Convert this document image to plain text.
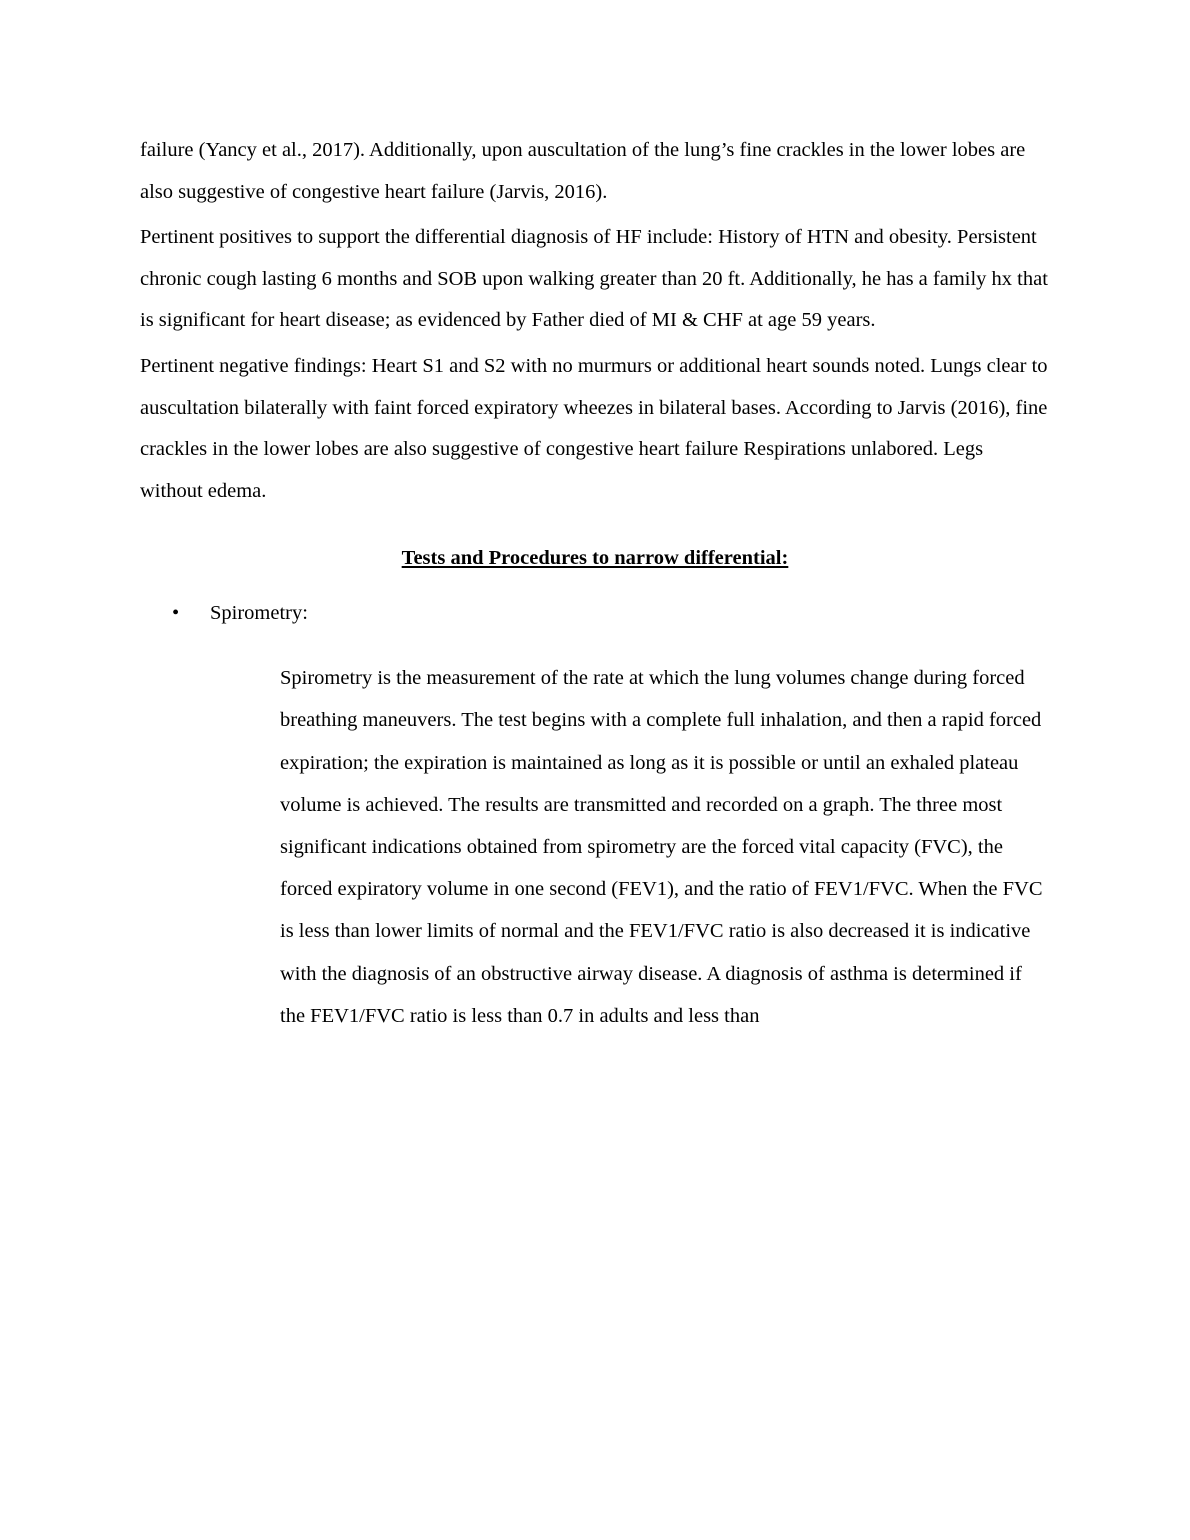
failure (Yancy et al., 2017). Additionally, upon auscultation of the lung’s fine crackles in the lower lobes are also suggestive of congestive heart failure (Jarvis, 2016).

Pertinent positives to support the differential diagnosis of HF include: History of HTN and obesity. Persistent chronic cough lasting 6 months and SOB upon walking greater than 20 ft. Additionally, he has a family hx that is significant for heart disease; as evidenced by Father died of MI & CHF at age 59 years.

Pertinent negative findings: Heart S1 and S2 with no murmurs or additional heart sounds noted. Lungs clear to auscultation bilaterally with faint forced expiratory wheezes in bilateral bases. According to Jarvis (2016), fine crackles in the lower lobes are also suggestive of congestive heart failure Respirations unlabored. Legs without edema.

Tests and Procedures to narrow differential:
•	Spirometry:

Spirometry is the measurement of the rate at which the lung volumes change during forced breathing maneuvers. The test begins with a complete full inhalation, and then a rapid forced expiration; the expiration is maintained as long as it is possible or until an exhaled plateau volume is achieved. The results are transmitted and recorded on a graph. The three most significant indications obtained from spirometry are the forced vital capacity (FVC), the forced expiratory volume in one second (FEV1), and the ratio of FEV1/FVC. When the FVC is less than lower limits of normal and the FEV1/FVC ratio is also decreased it is indicative with the diagnosis of an obstructive airway disease. A diagnosis of asthma is determined if the FEV1/FVC ratio is less than 0.7 in adults and less than
